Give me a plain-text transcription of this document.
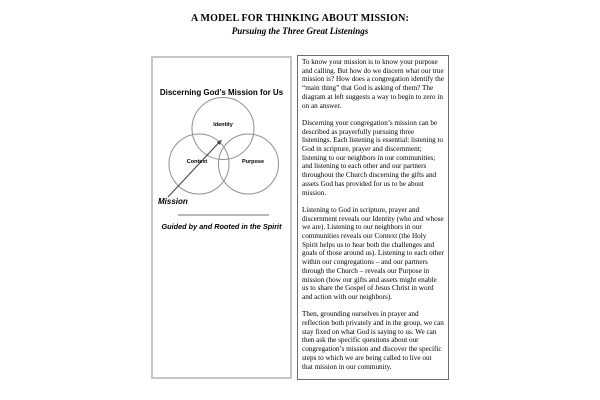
A MODEL FOR THINKING ABOUT MISSION:
Pursuing the Three Great Listenings
Discerning God’s Mission for Us
Identity
Context	Purpose
Mission
Guided by and Rooted in the Spirit

To know your mission is to know your purpose and calling. But how do we discern what our true mission is? How does a congregation identify the “main thing” that God is asking of them? The diagram at left suggests a way to begin to zero in on an answer.

Discerning your congregation’s mission can be described as prayerfully pursuing three listenings. Each listening is essential: listening to God in scripture, prayer and discernment; listening to our neighbors in our communities; and listening to each other and our partners throughout the Church discerning the gifts and assets God has provided for us to be about mission.

Listening to God in scripture, prayer and discernment reveals our Identity (who and whose we are). Listening to our neighbors in our communities reveals our Context (the Holy Spirit helps us to hear both the challenges and goals of those around us). Listening to each other within our congregations – and our partners through the Church – reveals our Purpose in mission (how our gifts and assets might enable us to share the Gospel of Jesus Christ in word and action with our neighbors).

Then, grounding ourselves in prayer and reflection both privately and in the group, we can stay fixed on what God is saying to us. We can then ask the specific questions about our congregation’s mission and discover the specific steps to which we are being called to live out that mission in our community.
